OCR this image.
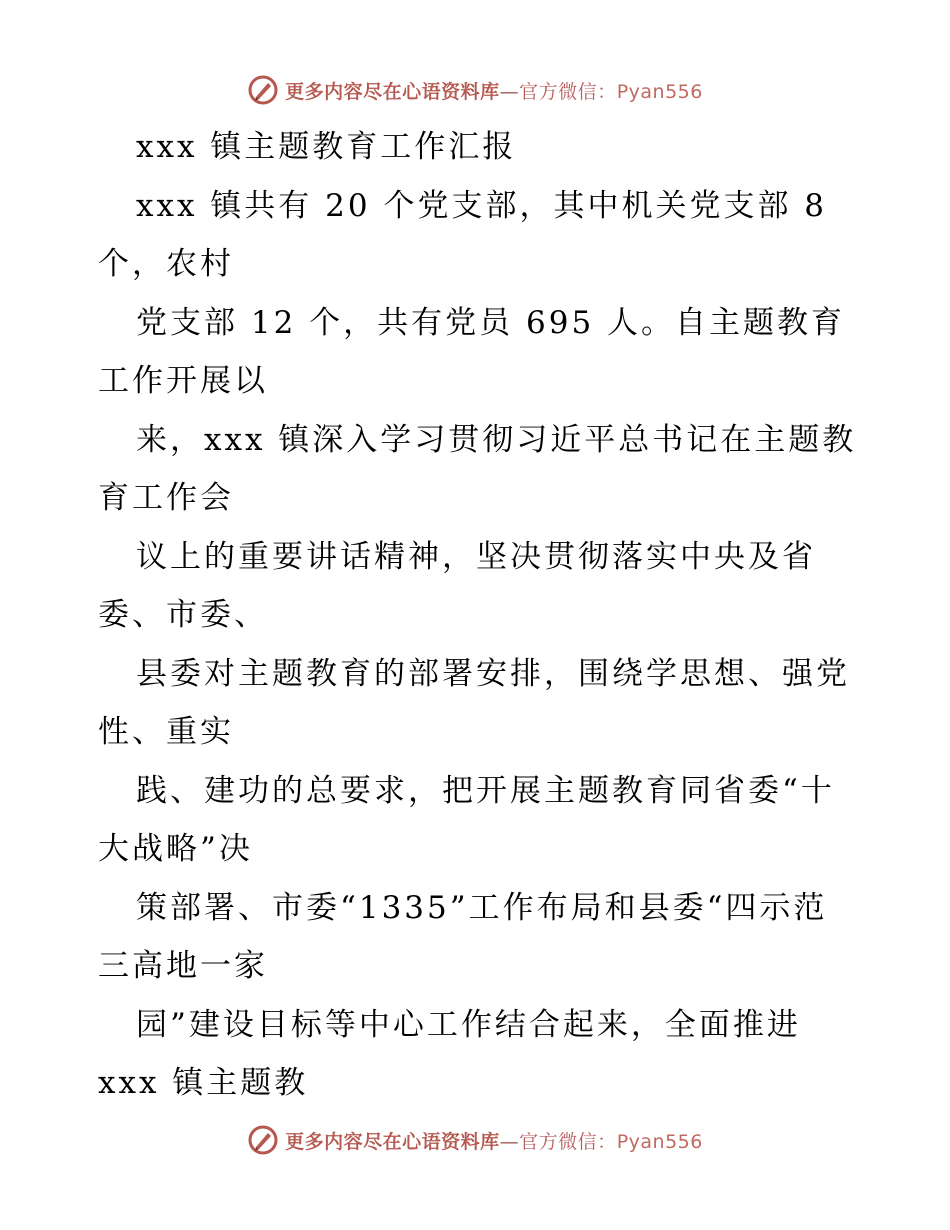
更多内容尽在心语资料库—官方微信：Pyan556
xxx 镇主题教育工作汇报
xxx 镇共有 20 个党支部，其中机关党支部 8
个，农村
党支部 12 个，共有党员 695 人。自主题教育
工作开展以
来，xxx 镇深入学习贯彻习近平总书记在主题教
育工作会
议上的重要讲话精神，坚决贯彻落实中央及省
委、市委、
县委对主题教育的部署安排，围绕学思想、强党
性、重实
践、建功的总要求，把开展主题教育同省委“十
大战略”决
策部署、市委“1335”工作布局和县委“四示范
三高地一家
园”建设目标等中心工作结合起来，全面推进
xxx 镇主题教
更多内容尽在心语资料库—官方微信：Pyan556
